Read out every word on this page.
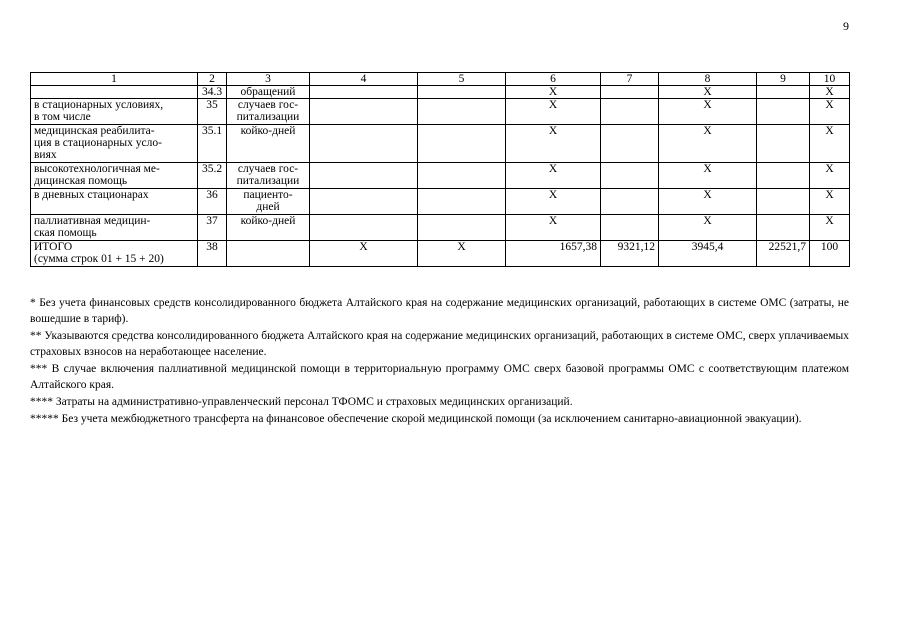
9
1	2	3	4	5	6	7	8	9	10
	34.3	обращений			X		X		X

в стационарных условиях,
в том числе	35	случаев гос-
питализации			X		X		X

медицинская реабилита-
ция в стационарных усло-
виях	35.1	койко-дней			X		X		X

высокотехнологичная ме-
дицинская помощь	35.2	случаев гос-
питализации			X		X		X
в дневных стационарах	36	пациенто-
дней			X		X		X

паллиативная медицин-
ская помощь	37	койко-дней			X		X		X

ИТОГО
(сумма строк 01 + 15 + 20)	38		X	X	1657,38	9321,12	3945,4	22521,7	100

* Без учета финансовых средств консолидированного бюджета Алтайского края на содержание медицинских организаций, работающих в системе ОМС (затраты, не вошедшие в тариф).

** Указываются средства консолидированного бюджета Алтайского края на содержание медицинских организаций, работающих в системе ОМС, сверх уплачиваемых страховых взносов на неработающее население.

*** В случае включения паллиативной медицинской помощи в территориальную программу ОМС сверх базовой программы ОМС с соответствующим платежом Алтайского края.

**** Затраты на административно-управленческий персонал ТФОМС и страховых медицинских организаций.

***** Без учета межбюджетного трансферта на финансовое обеспечение скорой медицинской помощи (за исключением санитарно-авиационной эвакуации).
